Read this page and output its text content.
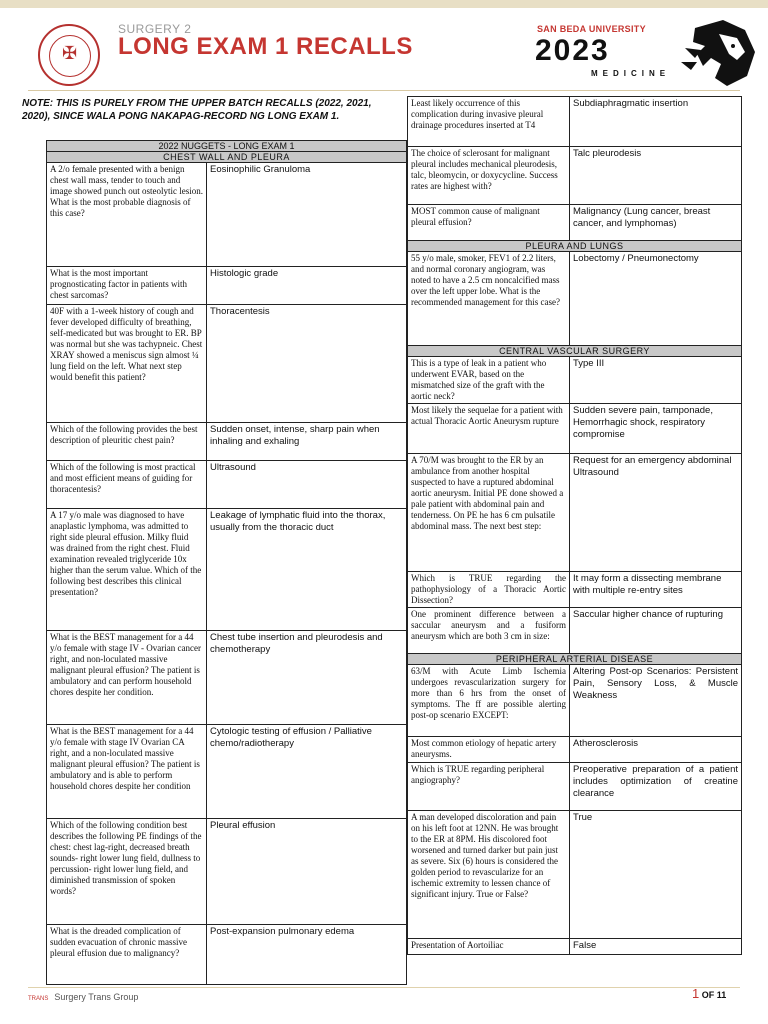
✠
SURGERY 2
LONG EXAM 1 RECALLS
SAN BEDA UNIVERSITY
2023
MEDICINE
NOTE: THIS IS PURELY FROM THE UPPER BATCH RECALLS (2022, 2021, 2020), SINCE WALA PONG NAKAPAG-RECORD NG LONG EXAM 1.
2022 NUGGETS - LONG EXAM 1	
CHEST WALL AND PLEURA	
A 2/o female presented with a benign chest wall mass, tender to touch and image showed punch out osteolytic lesion. What is the most probable diagnosis of this case?	Eosinophilic Granuloma
What is the most important prognosticating factor in patients with chest sarcomas?	Histologic grade
40F with a 1-week history of cough and fever developed difficulty of breathing, self-medicated but was brought to ER. BP was normal but she was tachypneic. Chest XRAY showed a meniscus sign almost ¼ lung field on the left. What next step would benefit this patient?	Thoracentesis
Which of the following provides the best description of pleuritic chest pain?	Sudden onset, intense, sharp pain when inhaling and exhaling
Which of the following is most practical and most efficient means of guiding for thoracentesis?	Ultrasound
A 17 y/o male was diagnosed to have anaplastic lymphoma, was admitted to right side pleural effusion. Milky fluid was drained from the right chest. Fluid examination revealed triglyceride 10x higher than the serum value. Which of the following best describes this clinical presentation?	Leakage of lymphatic fluid into the thorax, usually from the thoracic duct
What is the BEST management for a 44 y/o female with stage IV - Ovarian cancer right, and non-loculated massive malignant pleural effusion? The patient is ambulatory and can perform household chores despite her condition.	Chest tube insertion and pleurodesis and chemotherapy
What is the BEST management for a 44 y/o female with stage IV Ovarian CA right, and a non-loculated massive malignant pleural effusion? The patient is ambulatory and is able to perform household chores despite her condition	Cytologic testing of effusion / Palliative chemo/radiotherapy
Which of the following condition best describes the following PE findings of the chest: chest lag-right, decreased breath sounds- right lower lung field, dullness to percussion- right lower lung field, and diminished transmission of spoken words?	Pleural effusion
What is the dreaded complication of sudden evacuation of chronic massive pleural effusion due to malignancy?	Post-expansion pulmonary edema
Least likely occurrence of this complication during invasive pleural drainage procedures inserted at T4	Subdiaphragmatic insertion
The choice of sclerosant for malignant pleural includes mechanical pleurodesis, talc, bleomycin, or doxycycline. Success rates are highest with?	Talc pleurodesis
MOST common cause of malignant pleural effusion?	Malignancy (Lung cancer, breast cancer, and lymphomas)
PLEURA AND LUNGS	
55 y/o male, smoker, FEV1 of 2.2 liters, and normal coronary angiogram, was noted to have a 2.5 cm noncalcified mass over the left upper lobe. What is the recommended management for this case?	Lobectomy / Pneumonectomy
CENTRAL VASCULAR SURGERY	
This is a type of leak in a patient who underwent EVAR, based on the mismatched size of the graft with the aortic neck?	Type III
Most likely the sequelae for a patient with actual Thoracic Aortic Aneurysm rupture	Sudden severe pain, tamponade, Hemorrhagic shock, respiratory compromise
A 70/M was brought to the ER by an ambulance from another hospital suspected to have a ruptured abdominal aortic aneurysm. Initial PE done showed a pale patient with abdominal pain and tenderness. On PE he has 6 cm pulsatile abdominal mass. The next best step:	Request for an emergency abdominal Ultrasound
Which is TRUE regarding the pathophysiology of a Thoracic Aortic Dissection?	It may form a dissecting membrane with multiple re-entry sites
One prominent difference between a saccular aneurysm and a fusiform aneurysm which are both 3 cm in size:	Saccular higher chance of rupturing
PERIPHERAL ARTERIAL DISEASE	
63/M with Acute Limb Ischemia undergoes revascularization surgery for more than 6 hrs from the onset of symptoms. The ff are possible alerting post-op scenario EXCEPT:	Altering Post-op Scenarios: Persistent Pain, Sensory Loss, & Muscle Weakness
Most common etiology of hepatic artery aneurysms.	Atherosclerosis
Which is TRUE regarding peripheral angiography?	Preoperative preparation of a patient includes optimization of creatine clearance
A man developed discoloration and pain on his left foot at 12NN. He was brought to the ER at 8PM. His discolored foot worsened and turned darker but pain just as severe. Six (6) hours is considered the golden period to revascularize for an ischemic extremity to lessen chance of significant injury. True or False?	True
Presentation of Aortoiliac	False
TRANS Surgery Trans Group	1 OF 11
